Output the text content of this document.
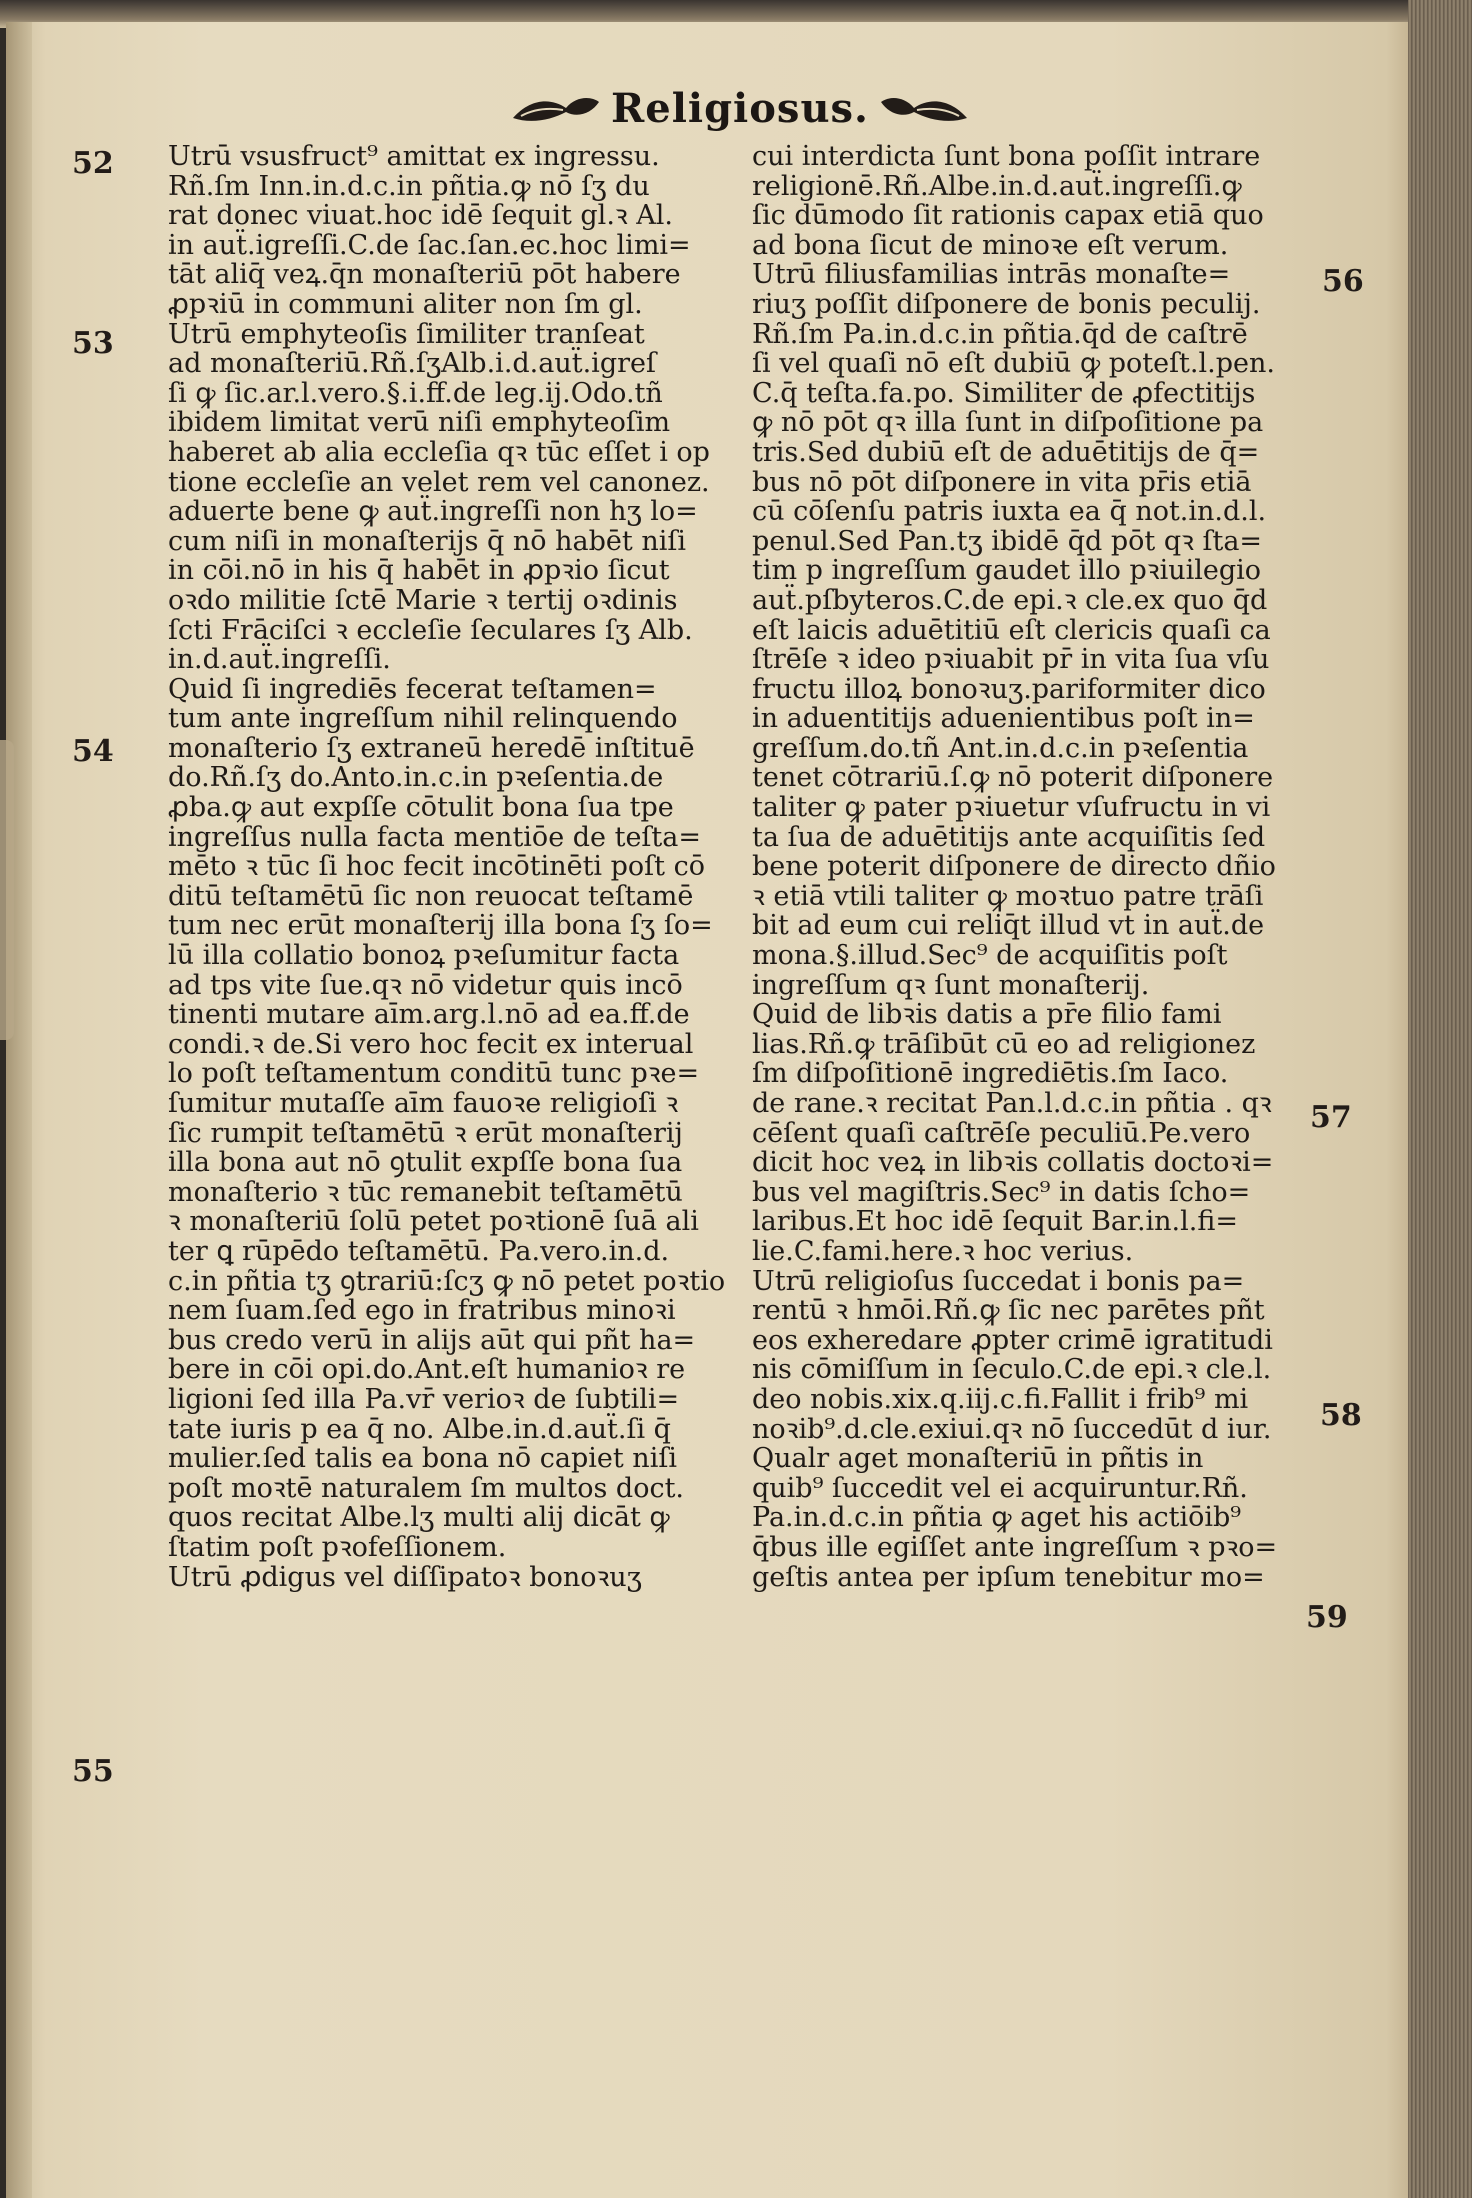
Religiosus.
Utrū vsusfruct⁹ amittat ex ingressu.
Rñ.ſm Inn.in.d.c.in pñtia.ꝙ nō ſʒ du
rat donec viuat.hoc idē ſequit gl.ꝛ Al.
in auẗ.igreſſi.C.de ſac.ſan.ec.hoc limi=
tāt aliq̄ veꝝ.q̄n monaſteriū pōt habere
ꝓpꝛiū in communi aliter non ſm gl.
Utrū emphyteoſis ſimiliter tranſeat
ad monaſteriū.Rñ.ſʒAlb.i.d.auẗ.igreſ
ſi ꝙ ſic.ar.l.vero.§.i.ff.de leg.ij.Odo.tñ
ibidem limitat verū niſi emphyteoſim
haberet ab alia eccleſia qꝛ tūc eſſet i op
tione eccleſie an velet rem vel canonez.
aduerte bene ꝙ auẗ.ingreſſi non hʒ lo=
cum niſi in monaſterijs q̄ nō habēt niſi
in cōi.nō in his q̄ habēt in ꝓpꝛio ſicut
oꝛdo militie ſctē Marie ꝛ tertij oꝛdinis
ſcti Frāciſci ꝛ eccleſie ſeculares ſʒ Alb.
in.d.auẗ.ingreſſi.
Quid ſi ingrediēs fecerat teſtamen=
tum ante ingreſſum nihil relinquendo
monaſterio ſʒ extraneū heredē inſtituē
do.Rñ.ſʒ do.Anto.in.c.in pꝛeſentia.de
ꝓba.ꝙ aut expſſe cōtulit bona ſua tpe
ingreſſus nulla facta mentiōe de teſta=
mēto ꝛ tūc ſi hoc fecit incōtinēti poſt cō
ditū teſtamētū ſic non reuocat teſtamē
tum nec erūt monaſterij illa bona ſʒ ſo=
lū illa collatio bonoꝝ pꝛeſumitur facta
ad tps vite ſue.qꝛ nō videtur quis incō
tinenti mutare aīm.arg.l.nō ad ea.ff.de
condi.ꝛ de.Si vero hoc fecit ex interual
lo poſt teſtamentum conditū tunc pꝛe=
ſumitur mutaſſe aīm fauoꝛe religioſi ꝛ
ſic rumpit teſtamētū ꝛ erūt monaſterij
illa bona aut nō ꝯtulit expſſe bona ſua
monaſterio ꝛ tūc remanebit teſtamētū
ꝛ monaſteriū ſolū petet poꝛtionē ſuā ali
ter ꝗ rūpēdo teſtamētū. Pa.vero.in.d.
c.in pñtia tʒ ꝯtrariū:ſcʒ ꝙ nō petet poꝛtio
nem ſuam.ſed ego in fratribus minoꝛi
bus credo verū in alijs aūt qui pñt ha=
bere in cōi opi.do.Ant.eſt humanioꝛ re
ligioni ſed illa Pa.vr̄ verioꝛ de ſubtili=
tate iuris p ea q̄ no. Albe.in.d.auẗ.ſi q̄
mulier.ſed talis ea bona nō capiet niſi
poſt moꝛtē naturalem ſm multos doct.
quos recitat Albe.lʒ multi alij dicāt ꝙ
ſtatim poſt pꝛofeſſionem.
Utrū ꝓdigus vel diſſipatoꝛ bonoꝛuʒ
cui interdicta ſunt bona poſſit intrare
religionē.Rñ.Albe.in.d.auẗ.ingreſſi.ꝙ
ſic dūmodo ſit rationis capax etiā quo
ad bona ſicut de minoꝛe eſt verum.
Utrū filiusfamilias intrās monaſte=
riuʒ poſſit diſponere de bonis peculij.
Rñ.ſm Pa.in.d.c.in pñtia.q̄d de caſtrē
ſi vel quaſi nō eſt dubiū ꝙ poteſt.l.pen.
C.q̄ teſta.fa.po. Similiter de ꝓfectitijs
ꝙ nō pōt qꝛ illa ſunt in diſpoſitione pa
tris.Sed dubiū eſt de aduētitijs de q̄=
bus nō pōt diſponere in vita pr̄is etiā
cū cōſenſu patris iuxta ea q̄ not.in.d.l.
penul.Sed Pan.tʒ ibidē q̄d pōt qꝛ ſta=
tim p ingreſſum gaudet illo pꝛiuilegio
auẗ.pſbyteros.C.de epi.ꝛ cle.ex quo q̄d
eſt laicis aduētitiū eſt clericis quaſi ca
ſtrēſe ꝛ ideo pꝛiuabit pr̄ in vita ſua vſu
fructu illoꝝ bonoꝛuʒ.pariformiter dico
in aduentitijs aduenientibus poſt in=
greſſum.do.tñ Ant.in.d.c.in pꝛeſentia
tenet cōtrariū.ſ.ꝙ nō poterit diſponere
taliter ꝙ pater pꝛiuetur vſufructu in vi
ta ſua de aduētitijs ante acquiſitis ſed
bene poterit diſponere de directo dñio
ꝛ etiā vtili taliter ꝙ moꝛtuo patre trāſi
bit ad eum cui reliq̄t illud vt in auẗ.de
mona.§.illud.Sec⁹ de acquiſitis poſt
ingreſſum qꝛ ſunt monaſterij.
Quid de libꝛis datis a pr̄e filio fami
lias.Rñ.ꝙ trāſibūt cū eo ad religionez
ſm diſpoſitionē ingrediētis.ſm Iaco.
de rane.ꝛ recitat Pan.l.d.c.in pñtia . qꝛ
cēſent quaſi caſtrēſe peculiū.Pe.vero
dicit hoc veꝝ in libꝛis collatis doctoꝛi=
bus vel magiſtris.Sec⁹ in datis ſcho=
laribus.Et hoc idē ſequit Bar.in.l.fi=
lie.C.fami.here.ꝛ hoc verius.
Utrū religioſus ſuccedat i bonis pa=
rentū ꝛ hmōi.Rñ.ꝙ ſic nec parētes pñt
eos exheredare ꝓpter crimē igratitudi
nis cōmiſſum in ſeculo.C.de epi.ꝛ cle.l.
deo nobis.xix.q.iij.c.fi.Fallit i frib⁹ mi
noꝛib⁹.d.cle.exiui.qꝛ nō ſuccedūt d iur.
Qualr aget monaſteriū in pñtis in
quib⁹ ſuccedit vel ei acquiruntur.Rñ.
Pa.in.d.c.in pñtia ꝙ aget his actiōib⁹
q̄bus ille egiſſet ante ingreſſum ꝛ pꝛo=
geſtis antea per ipſum tenebitur mo=
52
53
54
55
56
57
58
59
